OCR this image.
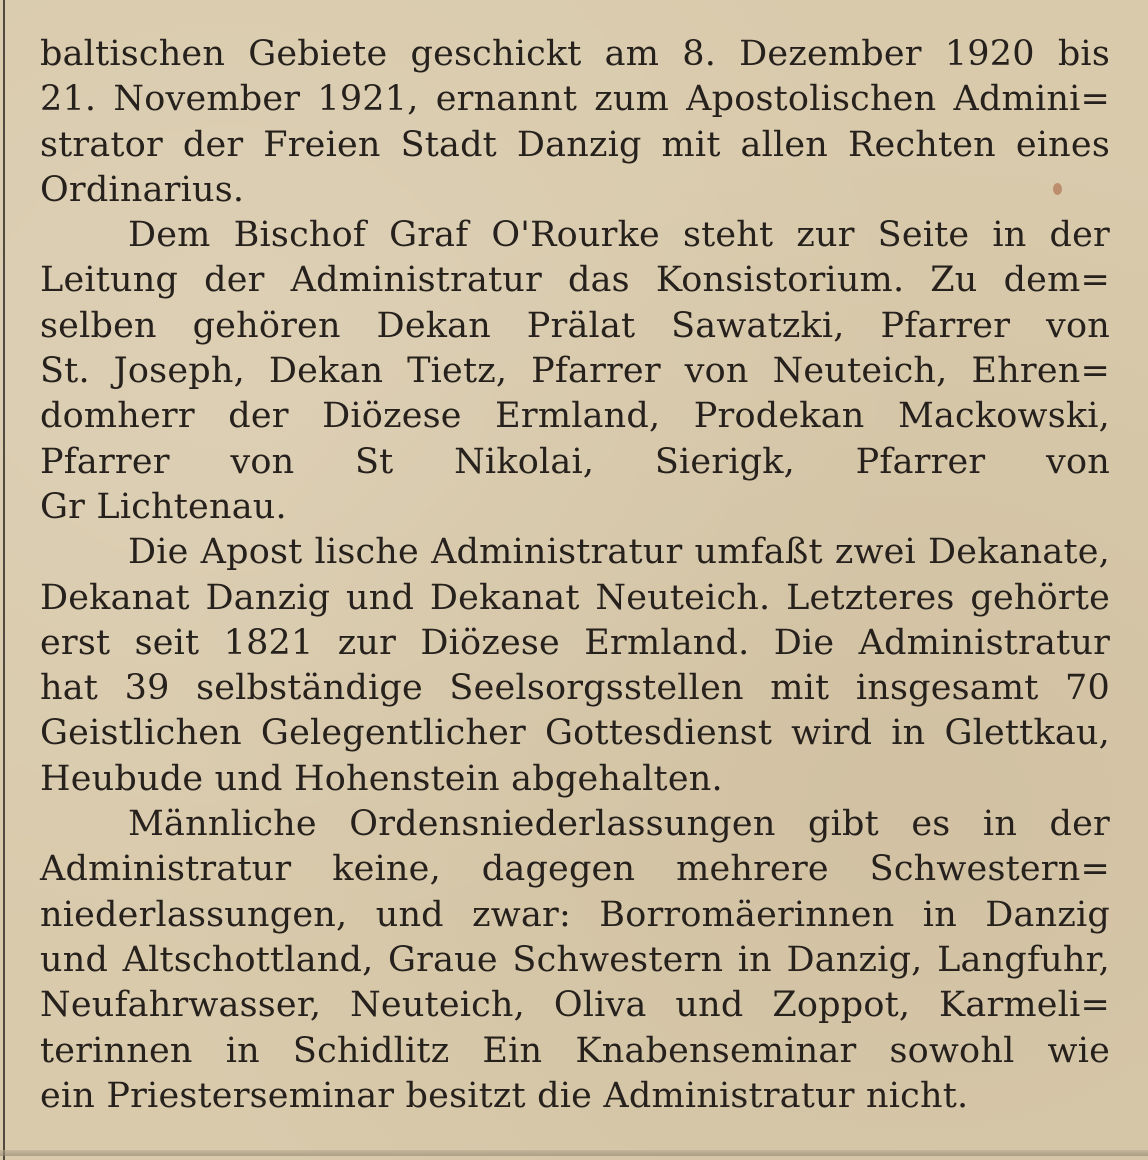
baltischen Gebiete geschickt am 8. Dezember 1920 bis
21. November 1921, ernannt zum Apostolischen Admini=
strator der Freien Stadt Danzig mit allen Rechten eines
Ordinarius.

Dem Bischof Graf O'Rourke steht zur Seite in der
Leitung der Administratur das Konsistorium. Zu dem=
selben gehören Dekan Prälat Sawatzki, Pfarrer von
St. Joseph, Dekan Tietz, Pfarrer von Neuteich, Ehren=
domherr der Diözese Ermland, Prodekan Mackowski,
Pfarrer von St Nikolai, Sierigk, Pfarrer von
Gr Lichtenau.

Die Apost lische Administratur umfaßt zwei Dekanate,
Dekanat Danzig und Dekanat Neuteich. Letzteres gehörte
erst seit 1821 zur Diözese Ermland. Die Administratur
hat 39 selbständige Seelsorgsstellen mit insgesamt 70
Geistlichen Gelegentlicher Gottesdienst wird in Glettkau,
Heubude und Hohenstein abgehalten.

Männliche Ordensniederlassungen gibt es in der
Administratur keine, dagegen mehrere Schwestern=
niederlassungen, und zwar: Borromäerinnen in Danzig
und Altschottland, Graue Schwestern in Danzig, Langfuhr,
Neufahrwasser, Neuteich, Oliva und Zoppot, Karmeli=
terinnen in Schidlitz Ein Knabenseminar sowohl wie
ein Priesterseminar besitzt die Administratur nicht.
